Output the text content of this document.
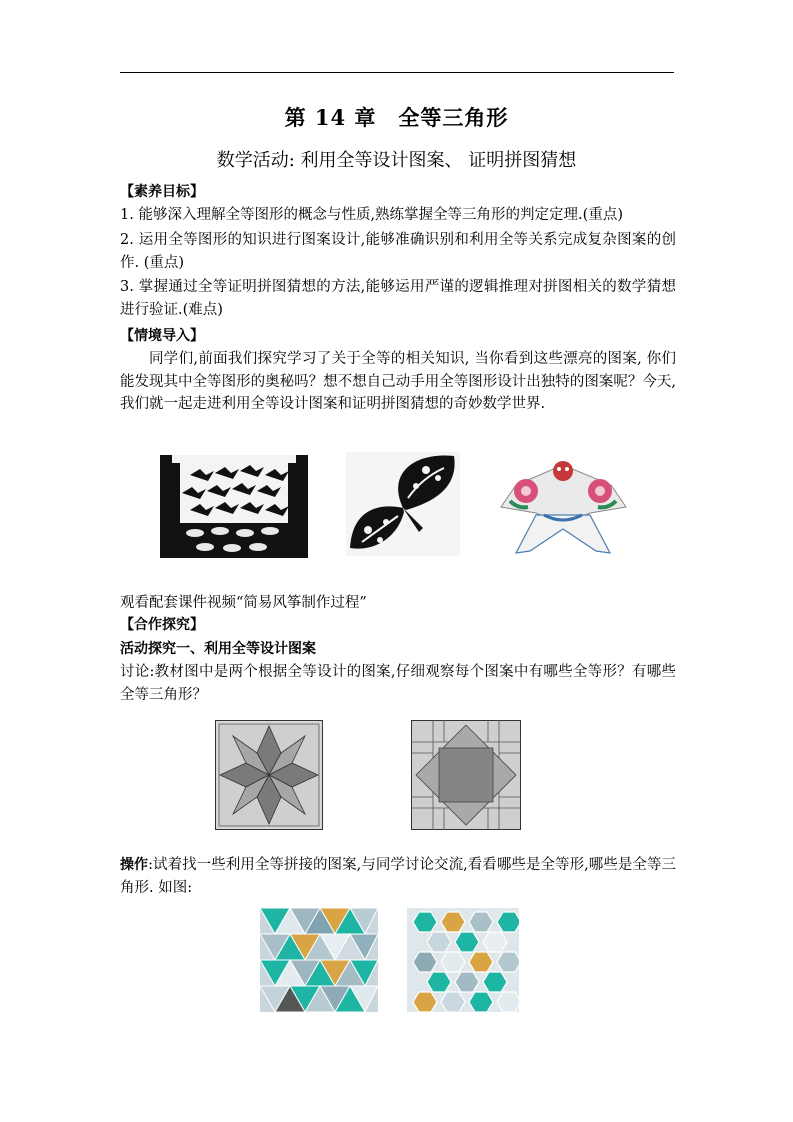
第 14 章　全等三角形
数学活动: 利用全等设计图案、 证明拼图猜想
【素养目标】
1. 能够深入理解全等图形的概念与性质,熟练掌握全等三角形的判定定理.(重点)
2. 运用全等图形的知识进行图案设计,能够准确识别和利用全等关系完成复杂图案的创作. (重点)
3. 掌握通过全等证明拼图猜想的方法,能够运用严谨的逻辑推理对拼图相关的数学猜想进行验证.(难点)
【情境导入】
同学们,前面我们探究学习了关于全等的相关知识, 当你看到这些漂亮的图案, 你们能发现其中全等图形的奥秘吗？想不想自己动手用全等图形设计出独特的图案呢？今天,我们就一起走进利用全等设计图案和证明拼图猜想的奇妙数学世界.
观看配套课件视频“简易风筝制作过程”
【合作探究】
活动探究一、利用全等设计图案
讨论:教材图中是两个根据全等设计的图案,仔细观察每个图案中有哪些全等形？有哪些全等三角形？
操作:试着找一些利用全等拼接的图案,与同学讨论交流,看看哪些是全等形,哪些是全等三角形. 如图:
